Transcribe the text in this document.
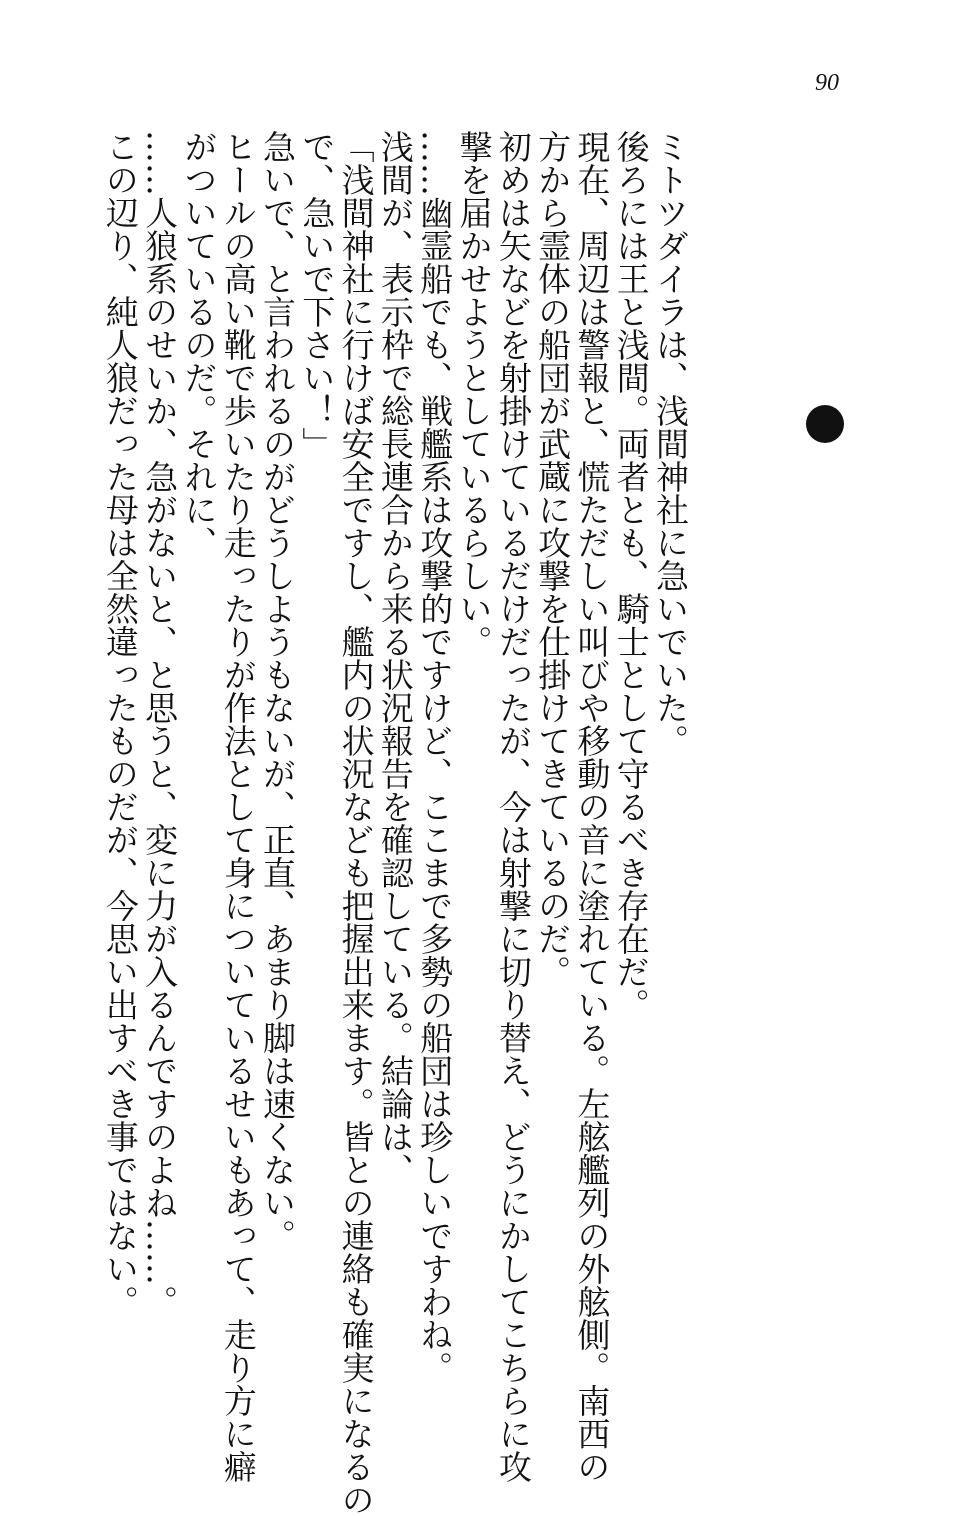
90

ミトツダイラは、浅間神社に急いでいた。

後ろには王と浅間。両者とも、騎士として守るべき存在だ。

現在、周辺は警報と、慌ただしい叫びや移動の音に塗れている。左舷艦列の外舷側。南西の

方から霊体の船団が武蔵に攻撃を仕掛けてきているのだ。

初めは矢などを射掛けているだけだったが、今は射撃に切り替え、どうにかしてこちらに攻

撃を届かせようとしているらしい。

……幽霊船でも、戦艦系は攻撃的ですけど、ここまで多勢の船団は珍しいですわね。

浅間が、表示枠で総長連合から来る状況報告を確認している。結論は、

「浅間神社に行けば安全ですし、艦内の状況なども把握出来ます。皆との連絡も確実になるの

で、急いで下さい！」

急いで、と言われるのがどうしようもないが、正直、あまり脚は速くない。

ヒールの高い靴で歩いたり走ったりが作法として身についているせいもあって、走り方に癖

がついているのだ。それに、

……人狼系のせいか、急がないと、と思うと、変に力が入るんですのよね……。

この辺り、純人狼だった母は全然違ったものだが、今思い出すべき事ではない。
